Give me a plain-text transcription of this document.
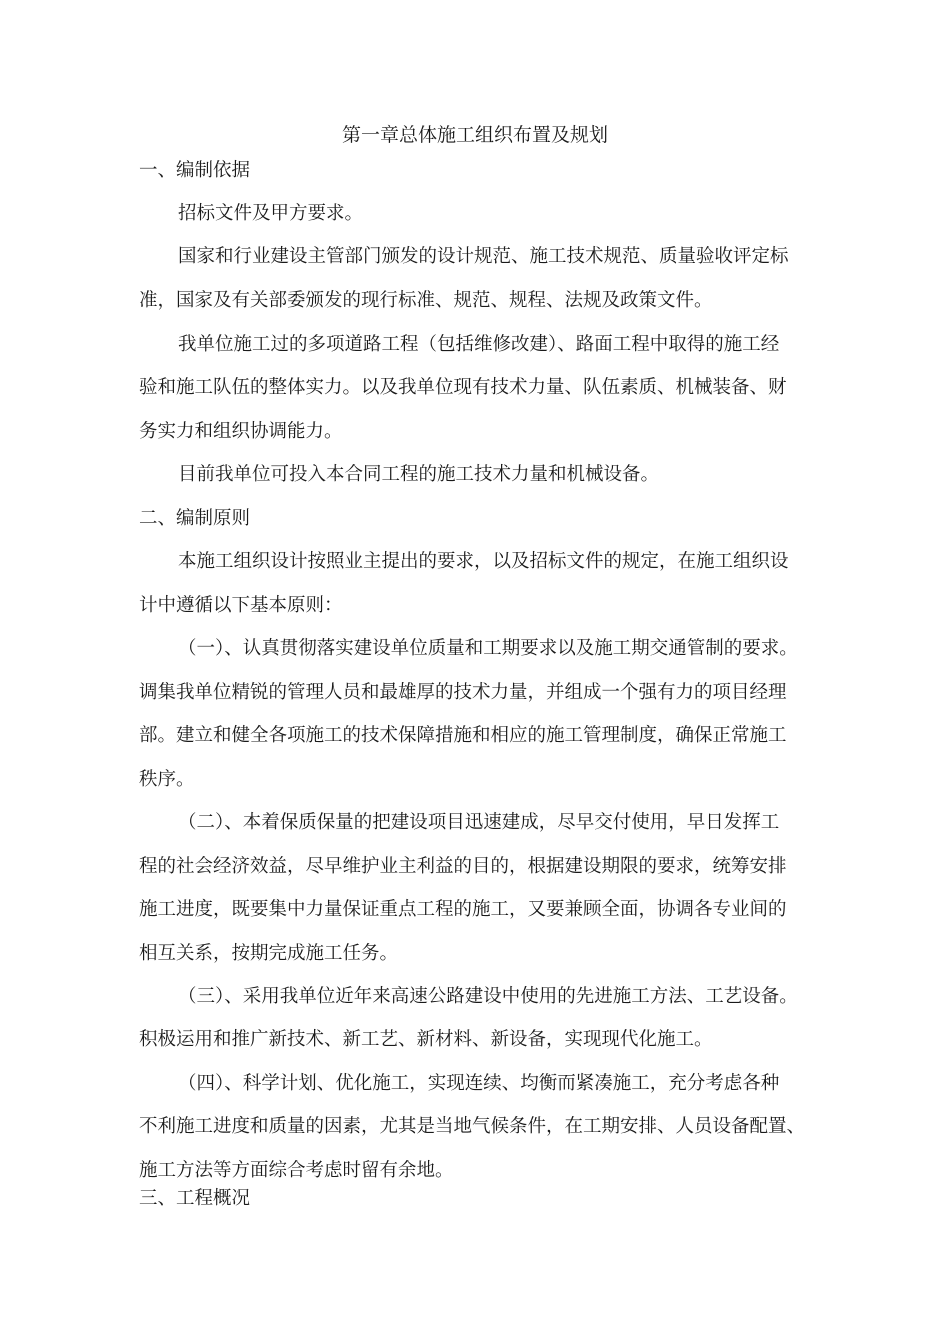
第一章总体施工组织布置及规划
一、编制依据
招标文件及甲方要求。
国家和行业建设主管部门颁发的设计规范、施工技术规范、质量验收评定标
准，国家及有关部委颁发的现行标准、规范、规程、法规及政策文件。
我单位施工过的多项道路工程（包括维修改建）、路面工程中取得的施工经
验和施工队伍的整体实力。以及我单位现有技术力量、队伍素质、机械装备、财
务实力和组织协调能力。
目前我单位可投入本合同工程的施工技术力量和机械设备。
二、编制原则
本施工组织设计按照业主提出的要求，以及招标文件的规定，在施工组织设
计中遵循以下基本原则：
（一）、认真贯彻落实建设单位质量和工期要求以及施工期交通管制的要求。
调集我单位精锐的管理人员和最雄厚的技术力量，并组成一个强有力的项目经理
部。建立和健全各项施工的技术保障措施和相应的施工管理制度，确保正常施工
秩序。
（二）、本着保质保量的把建设项目迅速建成，尽早交付使用，早日发挥工
程的社会经济效益，尽早维护业主利益的目的，根据建设期限的要求，统筹安排
施工进度，既要集中力量保证重点工程的施工，又要兼顾全面，协调各专业间的
相互关系，按期完成施工任务。
（三）、采用我单位近年来高速公路建设中使用的先进施工方法、工艺设备。
积极运用和推广新技术、新工艺、新材料、新设备，实现现代化施工。
（四）、科学计划、优化施工，实现连续、均衡而紧凑施工，充分考虑各种
不利施工进度和质量的因素，尤其是当地气候条件，在工期安排、人员设备配置、
施工方法等方面综合考虑时留有余地。
三、工程概况
